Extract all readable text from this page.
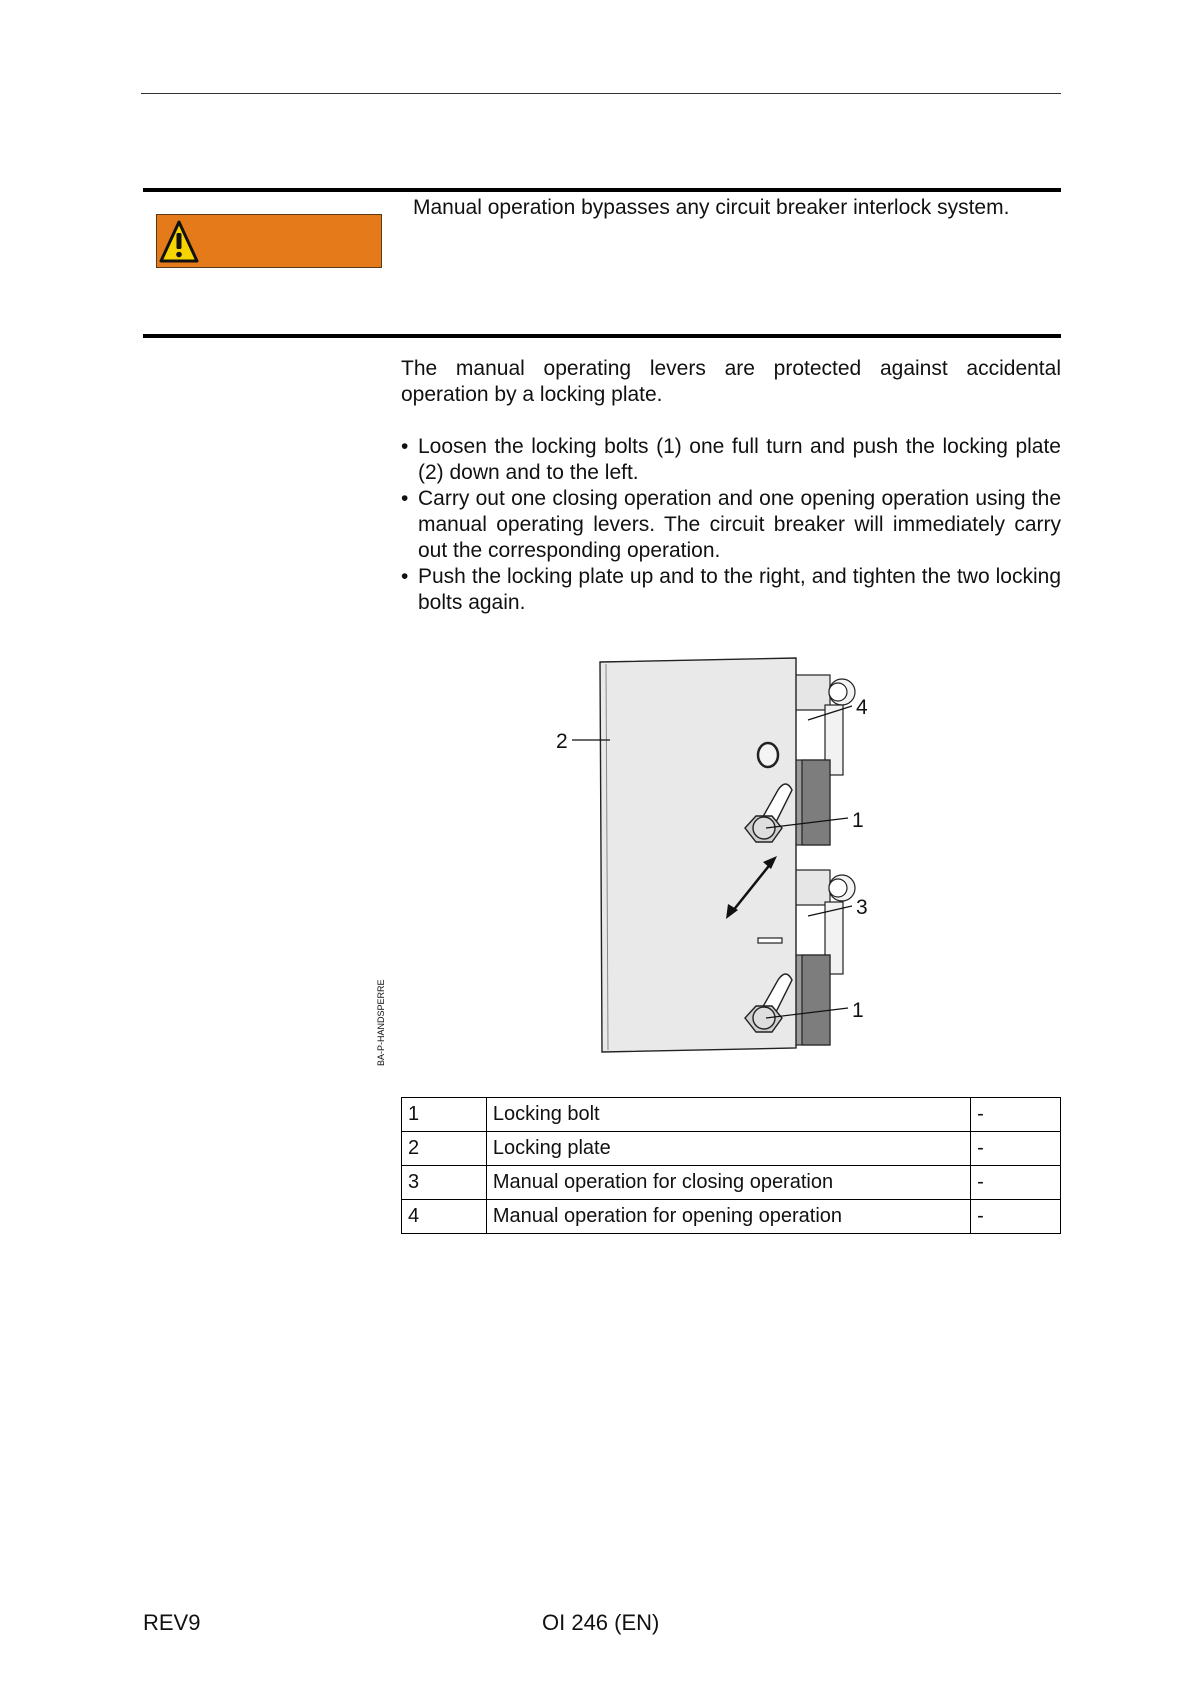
Manual operation bypasses any circuit breaker interlock system.
The manual operating levers are protected against accidental operation by a locking plate.
• Loosen the locking bolts (1) one full turn and push the locking plate (2) down and to the left.
• Carry out one closing operation and one opening operation using the manual operating levers. The circuit breaker will immediately carry out the corresponding operation.
• Push the locking plate up and to the right, and tighten the two locking bolts again.
2
4
1
3
1
BA-P-HANDSPERRE
1	Locking bolt	-
2	Locking plate	-
3	Manual operation for closing operation	-
4	Manual operation for opening operation	-
REV9	OI 246 (EN)
